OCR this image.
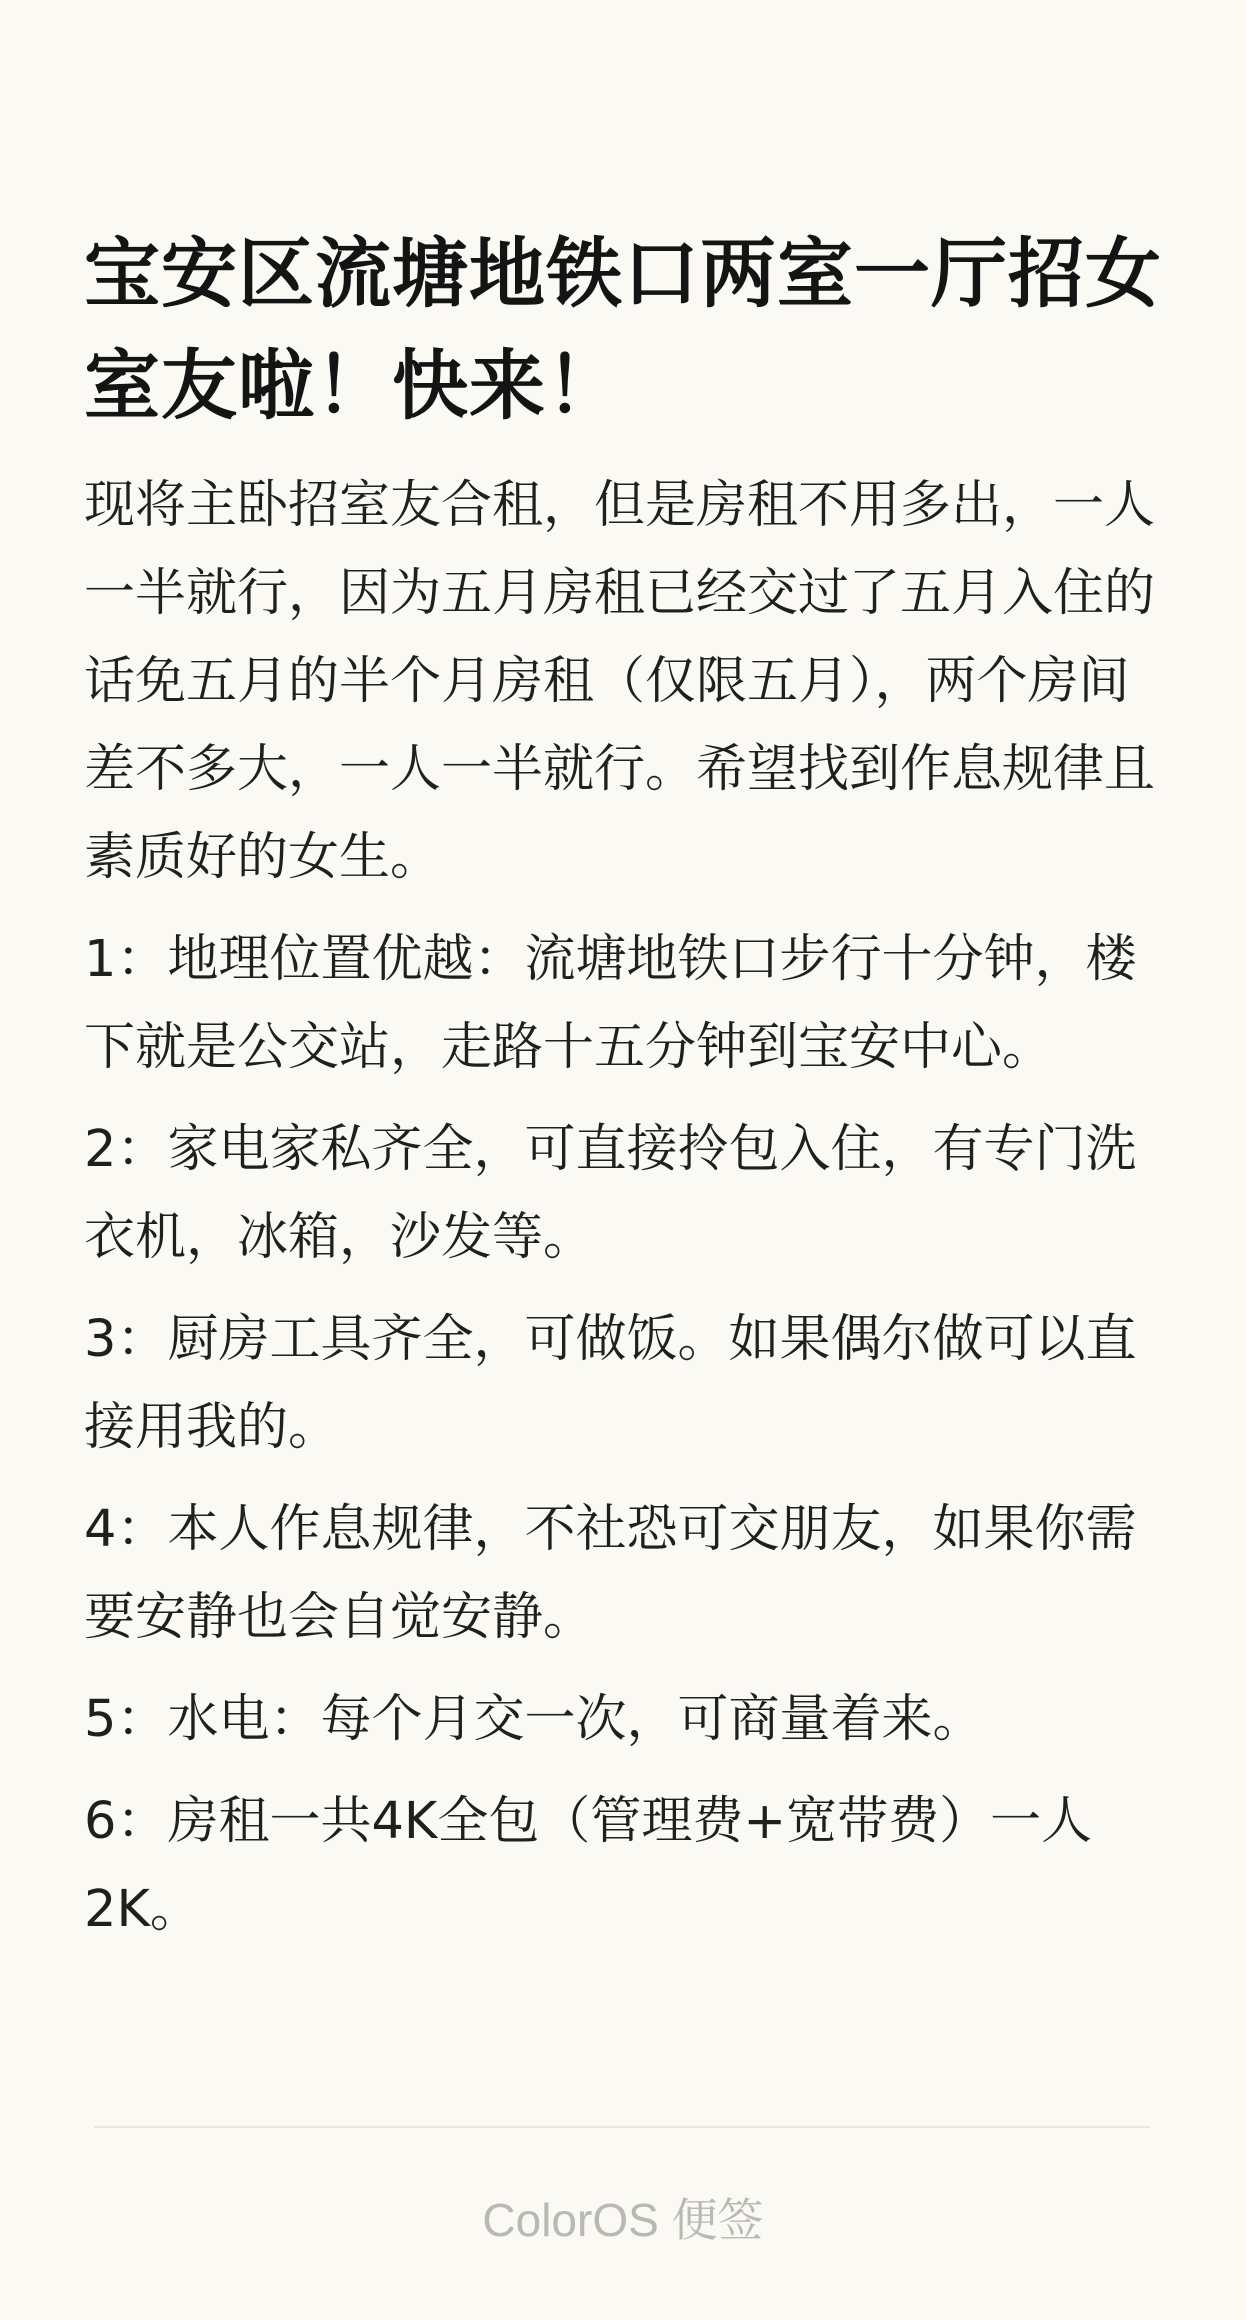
宝安区流塘地铁口两室一厅招女室友啦！快来！

现将主卧招室友合租，但是房租不用多出，一人一半就行，因为五月房租已经交过了五月入住的话免五月的半个月房租（仅限五月），两个房间差不多大，一人一半就行。希望找到作息规律且素质好的女生。

1：地理位置优越：流塘地铁口步行十分钟，楼下就是公交站，走路十五分钟到宝安中心。

2：家电家私齐全，可直接拎包入住，有专门洗衣机，冰箱，沙发等。

3：厨房工具齐全，可做饭。如果偶尔做可以直接用我的。

4：本人作息规律，不社恐可交朋友，如果你需要安静也会自觉安静。

5：水电：每个月交一次，可商量着来。

6：房租一共4K全包（管理费+宽带费）一人2K。

ColorOS 便签
